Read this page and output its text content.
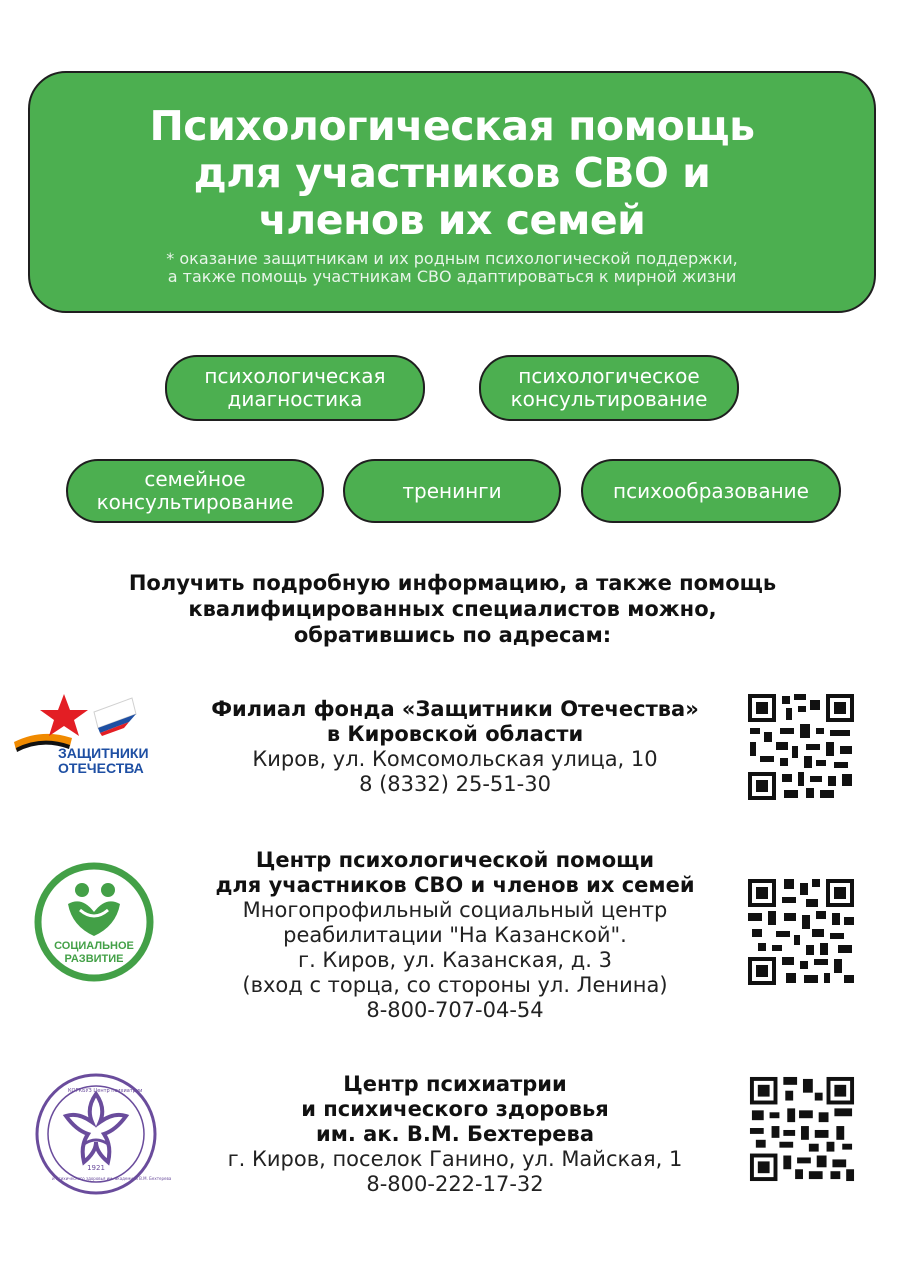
Психологическая помощь
для участников СВО и
членов их семей
* оказание защитникам и их родным психологической поддержки,
а также помощь участникам СВО адаптироваться к мирной жизни
психологическая
диагностика
психологическое
консультирование
семейное
консультирование	тренинги	психообразование
Получить подробную информацию, а также помощь
квалифицированных специалистов можно,
обратившись по адресам:
ЗАЩИТНИКИ
ОТЕЧЕСТВА
Филиал фонда «Защитники Отечества»
в Кировской области
Киров, ул. Комсомольская улица, 10
8 (8332) 25-51-30
СОЦИАЛЬНОЕ
РАЗВИТИЕ
Центр психологической помощи
для участников СВО и членов их семей
Многопрофильный социальный центр
реабилитации "На Казанской".
г. Киров, ул. Казанская, д. 3
(вход с торца, со стороны ул. Ленина)
8-800-707-04-54
1921
КОГКБУЗ Центр психиатрии
и психического здоровья им. академика В.М. Бехтерева
Центр психиатрии
и психического здоровья
им. ак. В.М. Бехтерева
г. Киров, поселок Ганино, ул. Майская, 1
8-800-222-17-32
